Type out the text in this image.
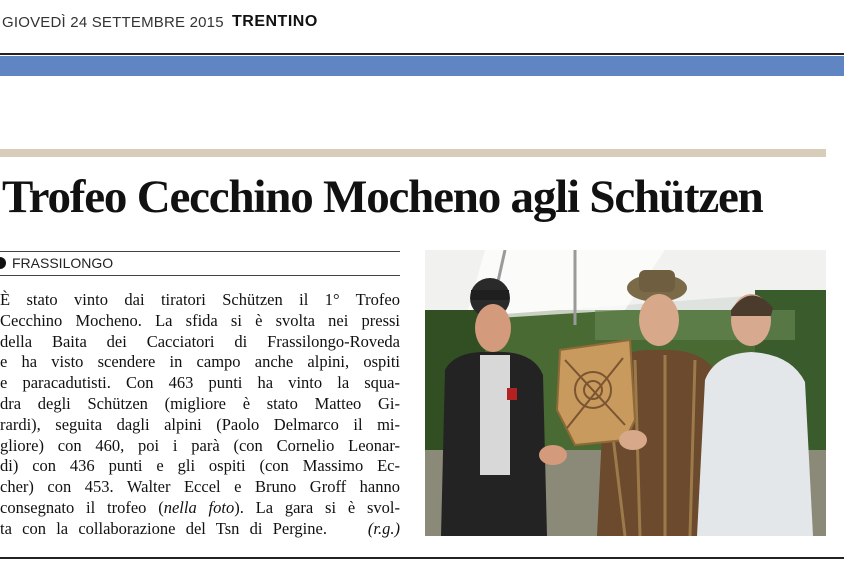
GIOVEDÌ 24 SETTEMBRE 2015 TRENTINO
Trofeo Cecchino Mocheno agli Schützen
FRASSILONGO
È stato vinto dai tiratori Schützen il 1° Trofeo
Cecchino Mocheno. La sfida si è svolta nei pressi
della Baita dei Cacciatori di Frassilongo-Roveda
e ha visto scendere in campo anche alpini, ospiti
e paracadutisti. Con 463 punti ha vinto la squa-
dra degli Schützen (migliore è stato Matteo Gi-
rardi), seguita dagli alpini (Paolo Delmarco il mi-
gliore) con 460, poi i parà (con Cornelio Leonar-
di) con 436 punti e gli ospiti (con Massimo Ec-
cher) con 453. Walter Eccel e Bruno Groff hanno
consegnato il trofeo (nella foto). La gara si è svol-
ta con la collaborazione del Tsn di Pergine. (r.g.)
